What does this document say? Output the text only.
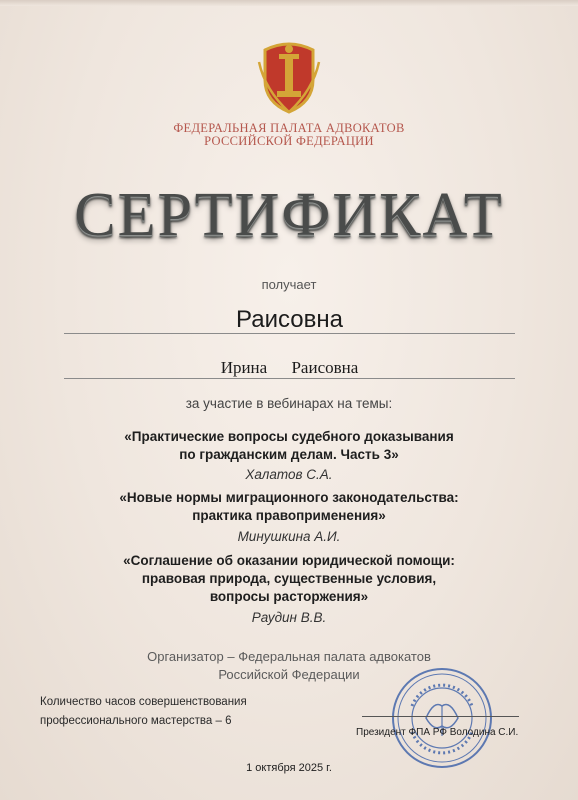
ФЕДЕРАЛЬНАЯ ПАЛАТА АДВОКАТОВ
РОССИЙСКОЙ ФЕДЕРАЦИИ
СЕРТИФИКАТ
получает
Раисовна
Ирина Раисовна
за участие в вебинарах на темы:
«Практические вопросы судебного доказывания
по гражданским делам. Часть 3»
Халатов С.А.
«Новые нормы миграционного законодательства:
практика правоприменения»
Минушкина А.И.
«Соглашение об оказании юридической помощи:
правовая природа, существенные условия,
вопросы расторжения»
Раудин В.В.
Организатор – Федеральная палата адвокатов
Российской Федерации
Количество часов совершенствования
профессионального мастерства – 6
Президент ФПА РФ Володина С.И.
1 октября 2025 г.
